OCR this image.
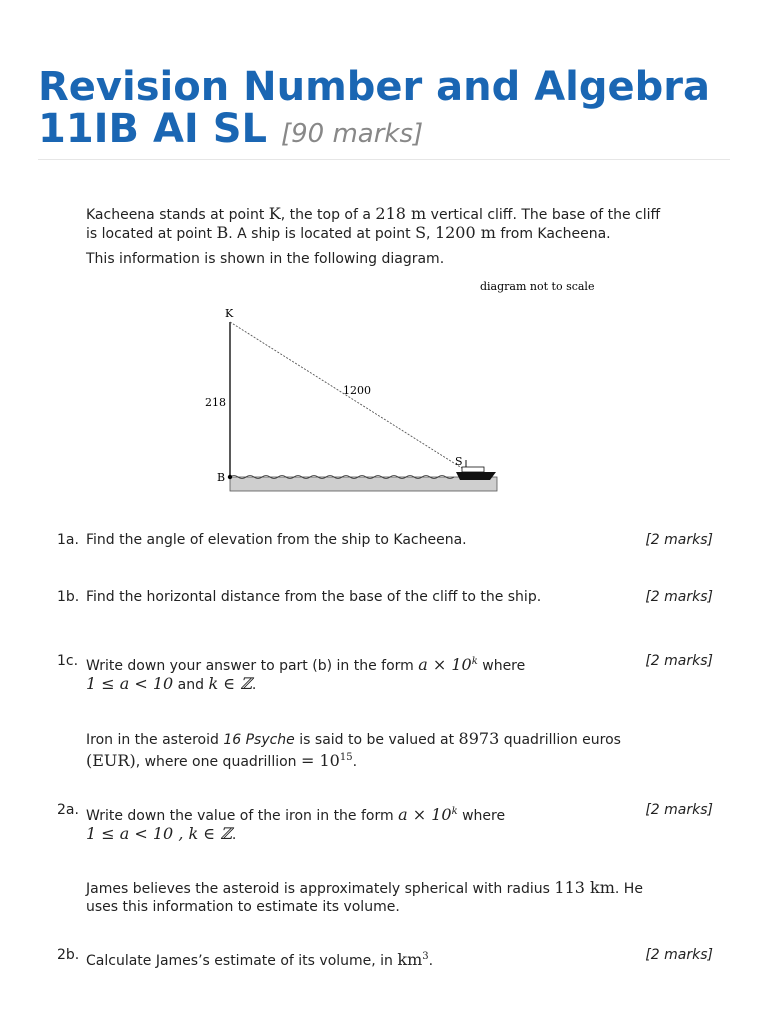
Revision Number and Algebra
11IB AI SL [90 marks]
Kacheena stands at point K, the top of a 218 m vertical cliff. The base of the cliff
is located at point B. A ship is located at point S, 1200 m from Kacheena.
This information is shown in the following diagram.
diagram not to scale
K
B
S
218
1200
1a. Find the angle of elevation from the ship to Kacheena.	[2 marks]
1b. Find the horizontal distance from the base of the cliff to the ship.	[2 marks]
1c. Write down your answer to part (b) in the form $a \times 10^k$ where
1 ≤ a < 10 and k ∈ ℤ.
[2 marks]
Iron in the asteroid 16 Psyche is said to be valued at 8973 quadrillion euros
(EUR), where one quadrillion = $10^{15}$.
2a. Write down the value of the iron in the form $a \times 10^k$ where
1 ≤ a < 10 , k ∈ ℤ.
[2 marks]
James believes the asteroid is approximately spherical with radius 113 km. He
uses this information to estimate its volume.
2b. Calculate James’s estimate of its volume, in $km^3$.	[2 marks]
